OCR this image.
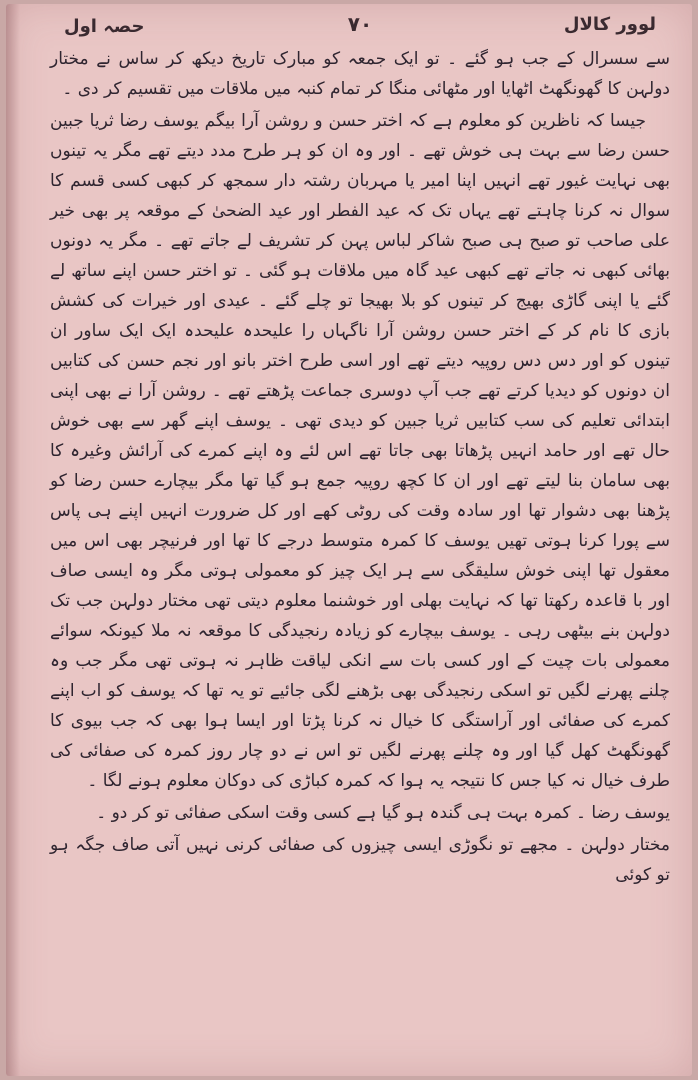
لوور کالال
۷۰
حصہ اول

سے سسرال کے جب ہو گئے ۔ تو ایک جمعہ کو مبارک تاریخ دیکھ کر ساس نے مختار دولہن کا گھونگھٹ اٹھایا اور مٹھائی منگا کر تمام کنبہ میں ملاقات میں تقسیم کر دی ۔

جیسا کہ ناظرین کو معلوم ہے کہ اختر حسن و روشن آرا بیگم یوسف رضا ثریا جبین حسن رضا سے بہت ہی خوش تھے ۔ اور وہ ان کو ہر طرح مدد دیتے تھے مگر یہ تینوں بھی نہایت غیور تھے انہیں اپنا امیر یا مہربان رشتہ دار سمجھ کر کبھی کسی قسم کا سوال نہ کرنا چاہتے تھے یہاں تک کہ عید الفطر اور عید الضحیٰ کے موقعہ پر بھی خیر علی صاحب تو صبح ہی صبح شاکر لباس پہن کر تشریف لے جاتے تھے ۔ مگر یہ دونوں بھائی کبھی نہ جاتے تھے کبھی عید گاہ میں ملاقات ہو گئی ۔ تو اختر حسن اپنے ساتھ لے گئے یا اپنی گاڑی بھیج کر تینوں کو بلا بھیجا تو چلے گئے ۔ عیدی اور خیرات کی کشش بازی کا نام کر کے اختر حسن روشن آرا ناگہاں را علیحدہ علیحدہ ایک ایک ساور ان تینوں کو اور دس دس روپیہ دیتے تھے اور اسی طرح اختر بانو اور نجم حسن کی کتابیں ان دونوں کو دیدیا کرتے تھے جب آپ دوسری جماعت پڑھتے تھے ۔ روشن آرا نے بھی اپنی ابتدائی تعلیم کی سب کتابیں ثریا جبین کو دیدی تھی ۔ یوسف اپنے گھر سے بھی خوش حال تھے اور حامد انہیں پڑھاتا بھی جاتا تھے اس لئے وہ اپنے کمرے کی آرائش وغیرہ کا بھی سامان بنا لیتے تھے اور ان کا کچھ روپیہ جمع ہو گیا تھا مگر بیچارے حسن رضا کو پڑھنا بھی دشوار تھا اور سادہ وقت کی روٹی کھے اور کل ضرورت انہیں اپنے ہی پاس سے پورا کرنا ہوتی تھیں یوسف کا کمرہ متوسط درجے کا تھا اور فرنیچر بھی اس میں معقول تھا اپنی خوش سلیقگی سے ہر ایک چیز کو معمولی ہوتی مگر وہ ایسی صاف اور با قاعدہ رکھتا تھا کہ نہایت بھلی اور خوشنما معلوم دیتی تھی مختار دولہن جب تک دولہن بنے بیٹھی رہی ۔ یوسف بیچارے کو زیادہ رنجیدگی کا موقعہ نہ ملا کیونکہ سوائے معمولی بات چیت کے اور کسی بات سے انکی لیاقت ظاہر نہ ہوتی تھی مگر جب وہ چلنے پھرنے لگیں تو اسکی رنجیدگی بھی بڑھنے لگی جائیے تو یہ تھا کہ یوسف کو اب اپنے کمرے کی صفائی اور آراستگی کا خیال نہ کرنا پڑتا اور ایسا ہوا بھی کہ جب بیوی کا گھونگھٹ کھل گیا اور وہ چلنے پھرنے لگیں تو اس نے دو چار روز کمرہ کی صفائی کی طرف خیال نہ کیا جس کا نتیجہ یہ ہوا کہ کمرہ کباڑی کی دوکان معلوم ہونے لگا ۔

یوسف رضا ۔ کمرہ بہت ہی گندہ ہو گیا ہے کسی وقت اسکی صفائی تو کر دو ۔

مختار دولہن ۔ مجھے تو نگوڑی ایسی چیزوں کی صفائی کرنی نہیں آتی صاف جگہ ہو تو کوئی
